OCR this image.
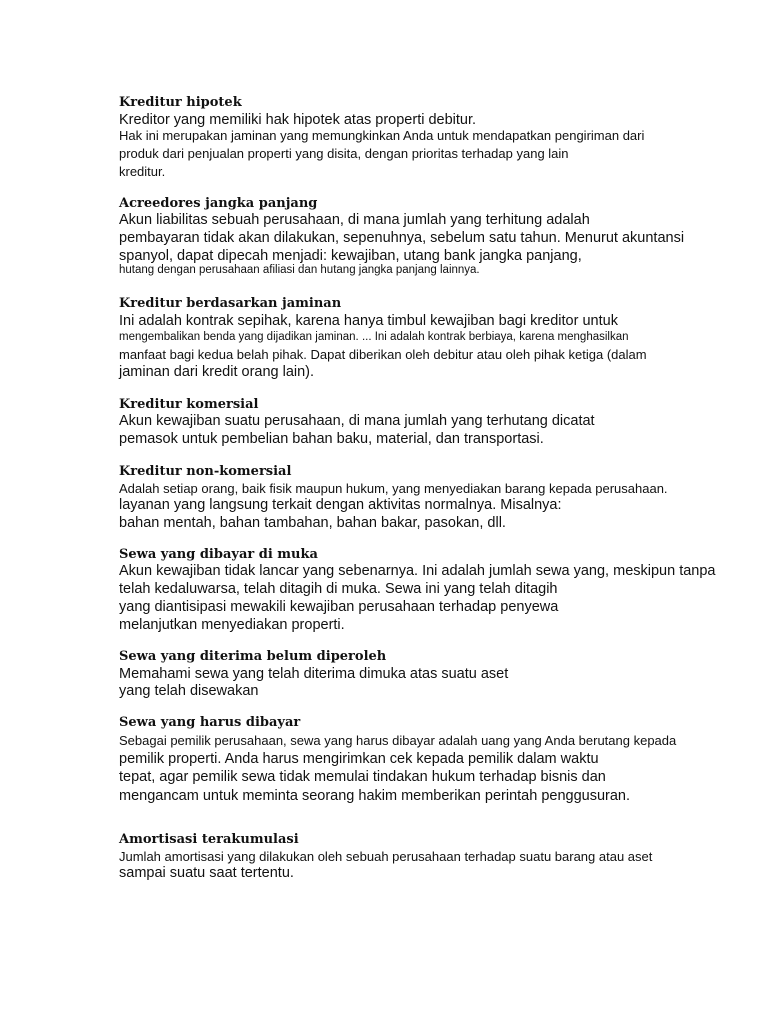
Kreditur hipotek
Kreditor yang memiliki hak hipotek atas properti debitur.
Hak ini merupakan jaminan yang memungkinkan Anda untuk mendapatkan pengiriman dari
produk dari penjualan properti yang disita, dengan prioritas terhadap yang lain
kreditur.
Acreedores jangka panjang
Akun liabilitas sebuah perusahaan, di mana jumlah yang terhitung adalah
pembayaran tidak akan dilakukan, sepenuhnya, sebelum satu tahun. Menurut akuntansi
spanyol, dapat dipecah menjadi: kewajiban, utang bank jangka panjang,
hutang dengan perusahaan afiliasi dan hutang jangka panjang lainnya.
Kreditur berdasarkan jaminan
Ini adalah kontrak sepihak, karena hanya timbul kewajiban bagi kreditor untuk
mengembalikan benda yang dijadikan jaminan. ... Ini adalah kontrak berbiaya, karena menghasilkan
manfaat bagi kedua belah pihak. Dapat diberikan oleh debitur atau oleh pihak ketiga (dalam
jaminan dari kredit orang lain).
Kreditur komersial
Akun kewajiban suatu perusahaan, di mana jumlah yang terhutang dicatat
pemasok untuk pembelian bahan baku, material, dan transportasi.
Kreditur non-komersial
Adalah setiap orang, baik fisik maupun hukum, yang menyediakan barang kepada perusahaan.
layanan yang langsung terkait dengan aktivitas normalnya. Misalnya:
bahan mentah, bahan tambahan, bahan bakar, pasokan, dll.
Sewa yang dibayar di muka
Akun kewajiban tidak lancar yang sebenarnya. Ini adalah jumlah sewa yang, meskipun tanpa
telah kedaluwarsa, telah ditagih di muka. Sewa ini yang telah ditagih
yang diantisipasi mewakili kewajiban perusahaan terhadap penyewa
melanjutkan menyediakan properti.
Sewa yang diterima belum diperoleh
Memahami sewa yang telah diterima dimuka atas suatu aset
yang telah disewakan
Sewa yang harus dibayar
Sebagai pemilik perusahaan, sewa yang harus dibayar adalah uang yang Anda berutang kepada
pemilik properti. Anda harus mengirimkan cek kepada pemilik dalam waktu
tepat, agar pemilik sewa tidak memulai tindakan hukum terhadap bisnis dan
mengancam untuk meminta seorang hakim memberikan perintah penggusuran.
Amortisasi terakumulasi
Jumlah amortisasi yang dilakukan oleh sebuah perusahaan terhadap suatu barang atau aset
sampai suatu saat tertentu.
